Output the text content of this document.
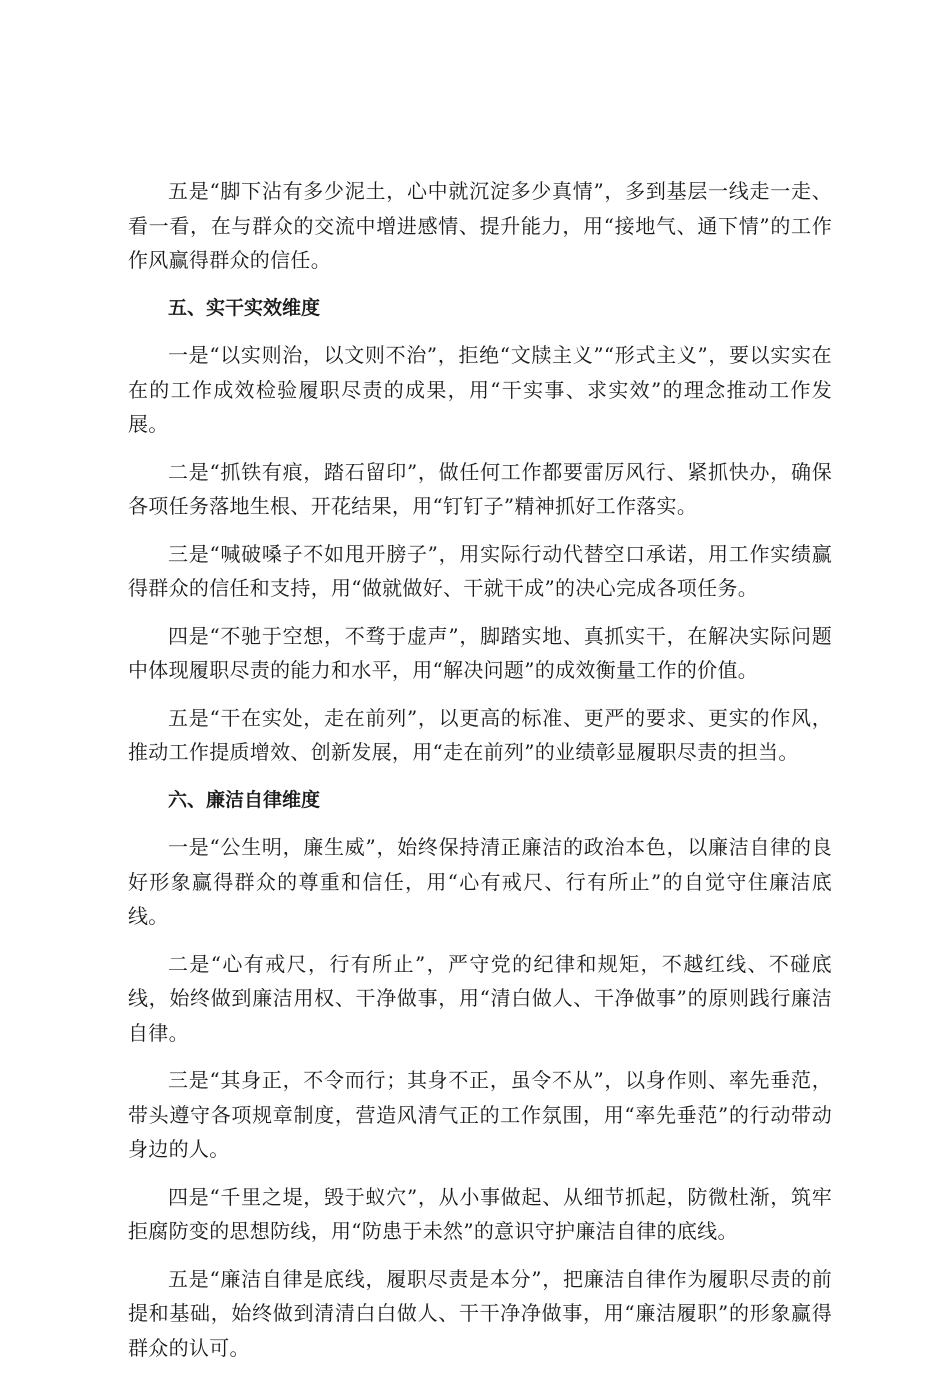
五是“脚下沾有多少泥土，心中就沉淀多少真情”，多到基层一线走一走、看一看，在与群众的交流中增进感情、提升能力，用“接地气、通下情”的工作作风赢得群众的信任。

五、实干实效维度

一是“以实则治，以文则不治”，拒绝“文牍主义”“形式主义”，要以实实在在的工作成效检验履职尽责的成果，用“干实事、求实效”的理念推动工作发展。

二是“抓铁有痕，踏石留印”，做任何工作都要雷厉风行、紧抓快办，确保各项任务落地生根、开花结果，用“钉钉子”精神抓好工作落实。

三是“喊破嗓子不如甩开膀子”，用实际行动代替空口承诺，用工作实绩赢得群众的信任和支持，用“做就做好、干就干成”的决心完成各项任务。

四是“不驰于空想，不骛于虚声”，脚踏实地、真抓实干，在解决实际问题中体现履职尽责的能力和水平，用“解决问题”的成效衡量工作的价值。

五是“干在实处，走在前列”，以更高的标准、更严的要求、更实的作风，推动工作提质增效、创新发展，用“走在前列”的业绩彰显履职尽责的担当。

六、廉洁自律维度

一是“公生明，廉生威”，始终保持清正廉洁的政治本色，以廉洁自律的良好形象赢得群众的尊重和信任，用“心有戒尺、行有所止”的自觉守住廉洁底线。

二是“心有戒尺，行有所止”，严守党的纪律和规矩，不越红线、不碰底线，始终做到廉洁用权、干净做事，用“清白做人、干净做事”的原则践行廉洁自律。

三是“其身正，不令而行；其身不正，虽令不从”，以身作则、率先垂范，带头遵守各项规章制度，营造风清气正的工作氛围，用“率先垂范”的行动带动身边的人。

四是“千里之堤，毁于蚁穴”，从小事做起、从细节抓起，防微杜渐，筑牢拒腐防变的思想防线，用“防患于未然”的意识守护廉洁自律的底线。

五是“廉洁自律是底线，履职尽责是本分”，把廉洁自律作为履职尽责的前提和基础，始终做到清清白白做人、干干净净做事，用“廉洁履职”的形象赢得群众的认可。
